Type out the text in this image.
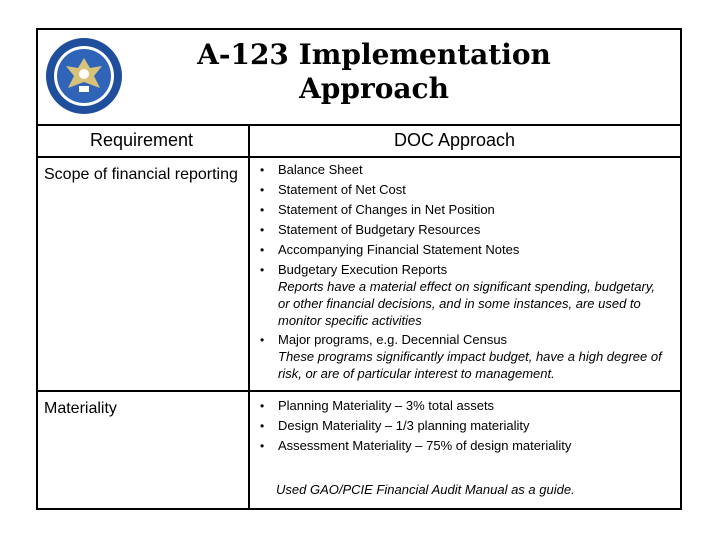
A-123 Implementation
Approach
Requirement	DOC Approach
Scope of financial reporting	•	Balance Sheet
•	Statement of Net Cost
•	Statement of Changes in Net Position
•	Statement of Budgetary Resources
•	Accompanying Financial Statement Notes
•	Budgetary Execution Reports
Reports have a material effect on significant spending, budgetary, or other financial decisions, and in some instances, are used to monitor specific activities
•	Major programs, e.g. Decennial Census
These programs significantly impact budget, have a high degree of risk, or are of particular interest to management.
Materiality	•	Planning Materiality – 3% total assets
•	Design Materiality – 1/3 planning materiality
•	Assessment Materiality – 75% of design materiality
Used GAO/PCIE Financial Audit Manual as a guide.
